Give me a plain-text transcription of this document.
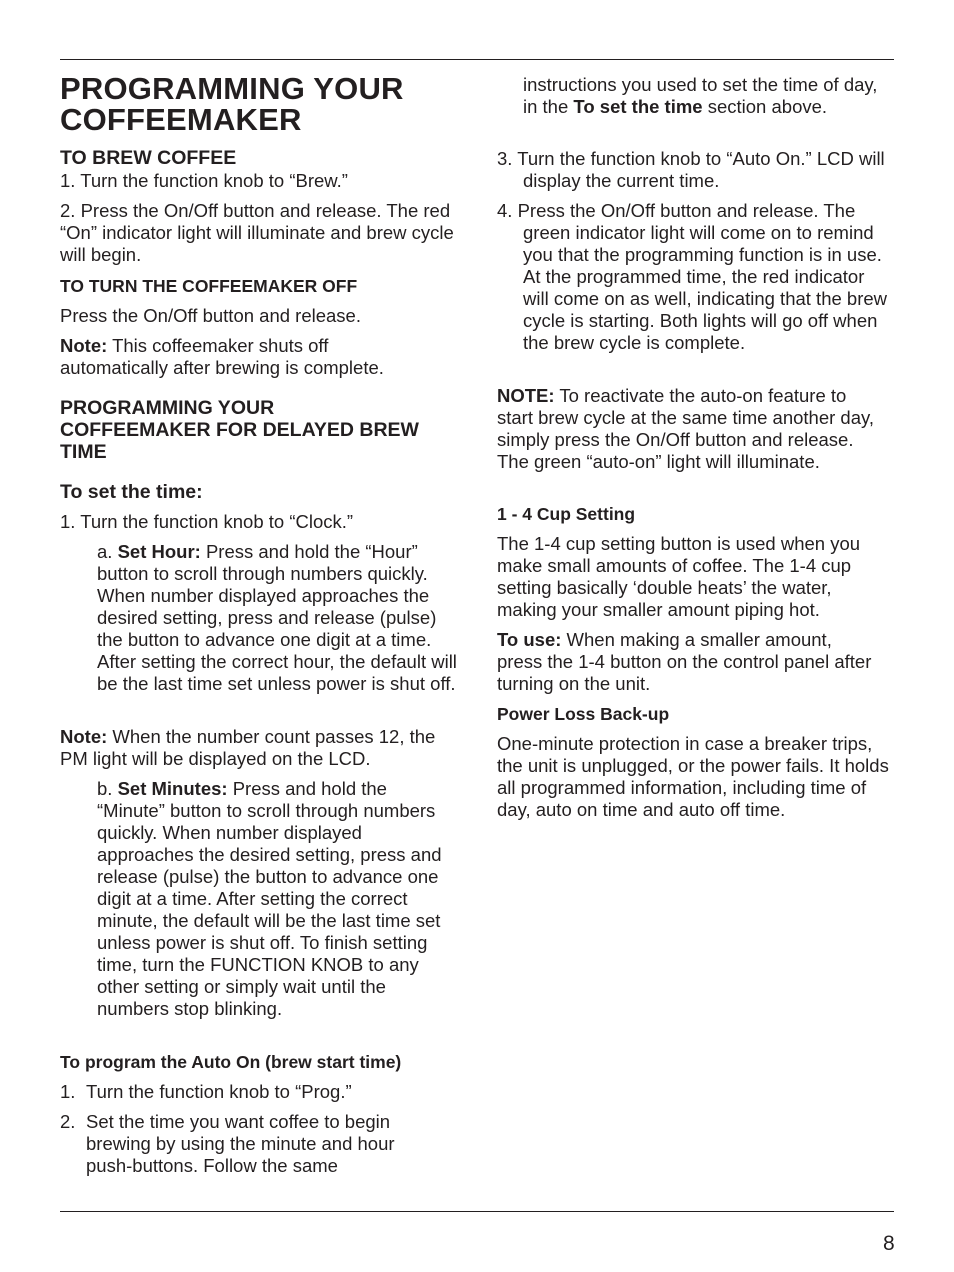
PROGRAMMING YOUR COFFEEMAKER
TO BREW COFFEE

1. Turn the function knob to “Brew.”

2. Press the On/Off button and release. The red “On” indicator light will illuminate and brew cycle will begin.

TO TURN THE COFFEEMAKER OFF

Press the On/Off button and release.

Note: This coffeemaker shuts off automatically after brewing is complete.

PROGRAMMING YOUR COFFEEMAKER FOR DELAYED BREW TIME
To set the time:

1. Turn the function knob to “Clock.”

a. Set Hour: Press and hold the “Hour” button to scroll through numbers quickly. When number displayed approaches the desired setting, press and release (pulse) the button to advance one digit at a time. After setting the correct hour, the default will be the last time set unless power is shut off.

Note: When the number count passes 12, the PM light will be displayed on the LCD.

b. Set Minutes: Press and hold the “Minute” button to scroll through numbers quickly. When number displayed approaches the desired setting, press and release (pulse) the button to advance one digit at a time. After setting the correct minute, the default will be the last time set unless power is shut off. To finish setting time, turn the FUNCTION KNOB to any other setting or simply wait until the numbers stop blinking.

To program the Auto On (brew start time)

1. Turn the function knob to “Prog.”

2. Set the time you want coffee to begin brewing by using the minute and hour push-buttons. Follow the same

instructions you used to set the time of day, in the To set the time section above.

3. Turn the function knob to “Auto On.” LCD will display the current time.

4. Press the On/Off button and release. The green indicator light will come on to remind you that the programming function is in use. At the programmed time, the red indicator will come on as well, indicating that the brew cycle is starting. Both lights will go off when the brew cycle is complete.

NOTE: To reactivate the auto-on feature to start brew cycle at the same time another day, simply press the On/Off button and release. The green “auto-on” light will illuminate.

1 - 4 Cup Setting

The 1-4 cup setting button is used when you make small amounts of coffee. The 1-4 cup setting basically ‘double heats’ the water, making your smaller amount piping hot.

To use: When making a smaller amount, press the 1-4 button on the control panel after turning on the unit.

Power Loss Back-up

One-minute protection in case a breaker trips, the unit is unplugged, or the power fails. It holds all programmed information, including time of day, auto on time and auto off time.

8
